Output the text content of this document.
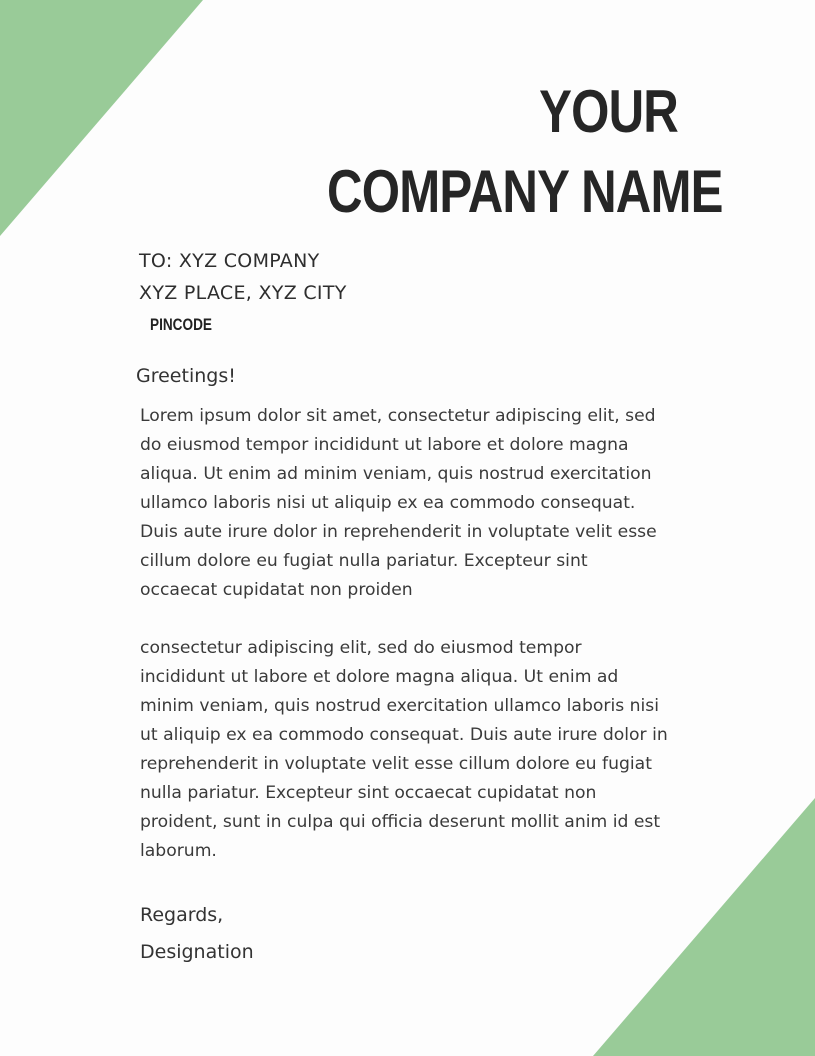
YOUR
COMPANY NAME
TO: XYZ COMPANY
XYZ PLACE, XYZ CITY
PINCODE
Greetings!

Lorem ipsum dolor sit amet, consectetur adipiscing elit, sed
do eiusmod tempor incididunt ut labore et dolore magna
aliqua. Ut enim ad minim veniam, quis nostrud exercitation
ullamco laboris nisi ut aliquip ex ea commodo consequat.
Duis aute irure dolor in reprehenderit in voluptate velit esse
cillum dolore eu fugiat nulla pariatur. Excepteur sint
occaecat cupidatat non proiden

consectetur adipiscing elit, sed do eiusmod tempor
incididunt ut labore et dolore magna aliqua. Ut enim ad
minim veniam, quis nostrud exercitation ullamco laboris nisi
ut aliquip ex ea commodo consequat. Duis aute irure dolor in
reprehenderit in voluptate velit esse cillum dolore eu fugiat
nulla pariatur. Excepteur sint occaecat cupidatat non
proident, sunt in culpa qui officia deserunt mollit anim id est
laborum.

Regards,
Designation
